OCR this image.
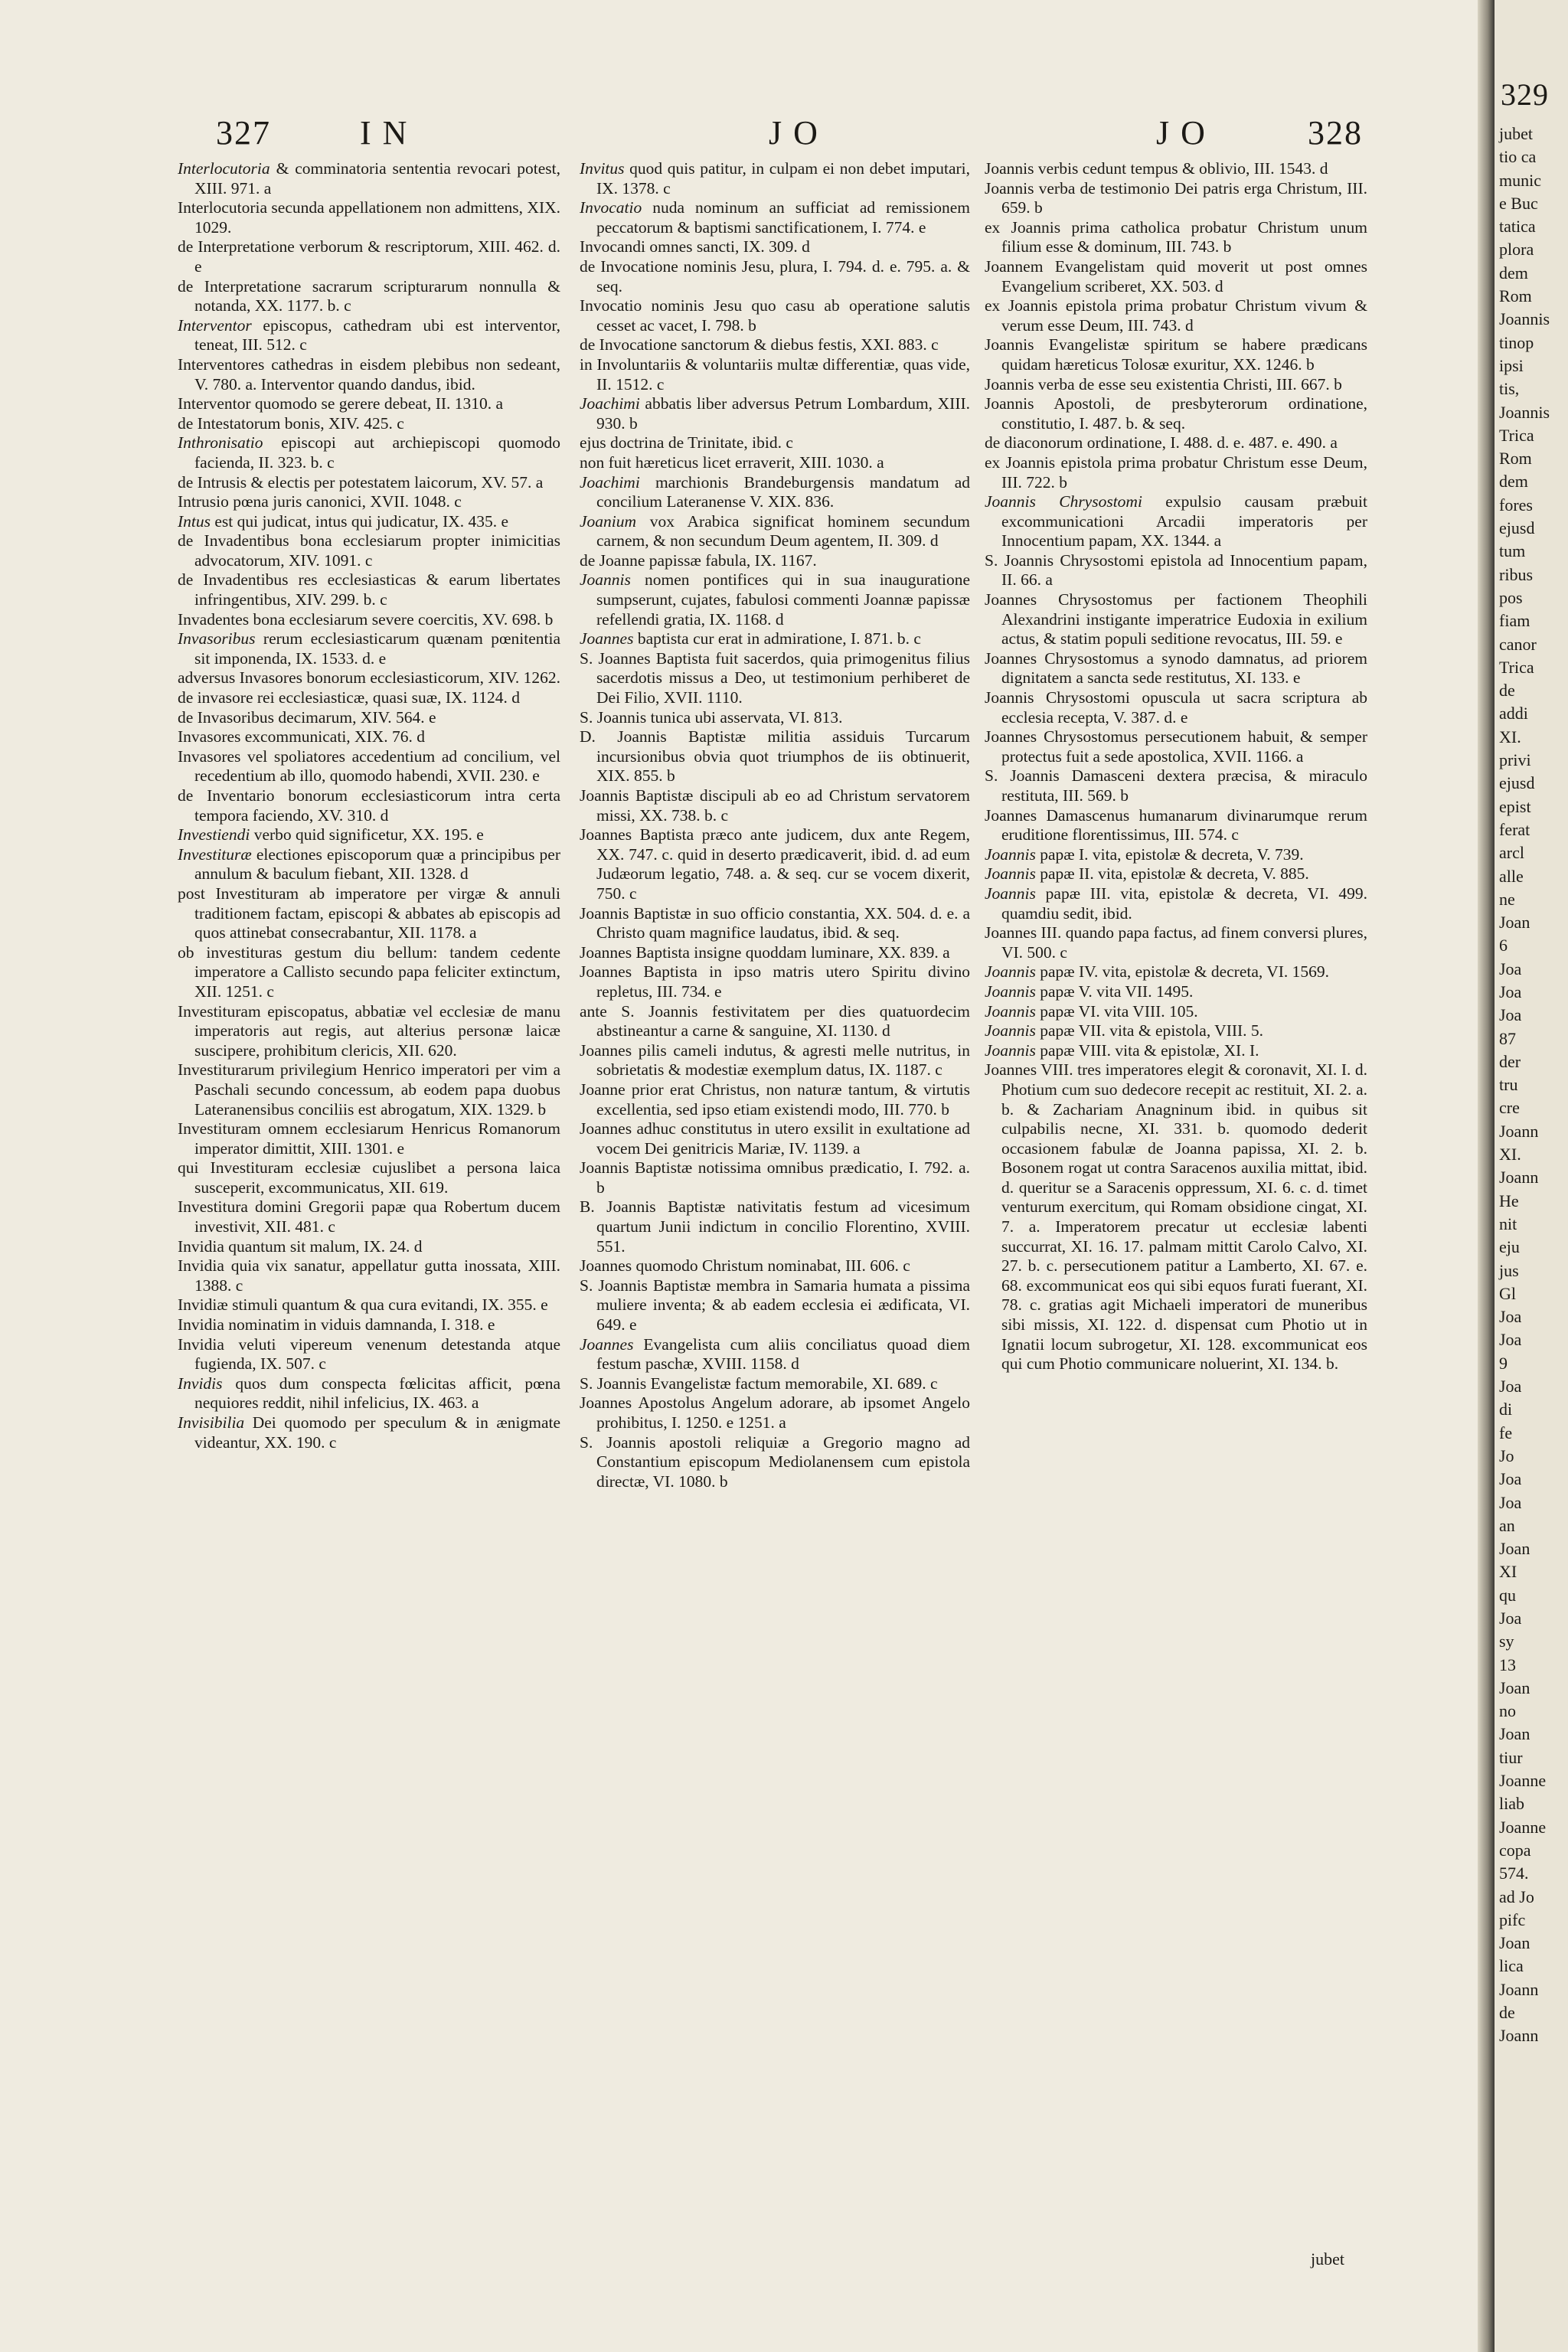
327	I N	J O	J O	328

Interlocutoria & comminatoria sententia revocari potest, XIII. 971. a

Interlocutoria secunda appellationem non admittens, XIX. 1029.

de Interpretatione verborum & rescriptorum, XIII. 462. d. e

de Interpretatione sacrarum scripturarum nonnulla & notanda, XX. 1177. b. c

Interventor episcopus, cathedram ubi est interventor, teneat, III. 512. c

Interventores cathedras in eisdem plebibus non sedeant, V. 780. a. Interventor quando dandus, ibid.

Interventor quomodo se gerere debeat, II. 1310. a

de Intestatorum bonis, XIV. 425. c

Inthronisatio episcopi aut archiepiscopi quomodo facienda, II. 323. b. c

de Intrusis & electis per potestatem laicorum, XV. 57. a

Intrusio pœna juris canonici, XVII. 1048. c

Intus est qui judicat, intus qui judicatur, IX. 435. e

de Invadentibus bona ecclesiarum propter inimicitias advocatorum, XIV. 1091. c

de Invadentibus res ecclesiasticas & earum libertates infringentibus, XIV. 299. b. c

Invadentes bona ecclesiarum severe coercitis, XV. 698. b

Invasoribus rerum ecclesiasticarum quænam pœnitentia sit imponenda, IX. 1533. d. e

adversus Invasores bonorum ecclesiasticorum, XIV. 1262.

de invasore rei ecclesiasticæ, quasi suæ, IX. 1124. d

de Invasoribus decimarum, XIV. 564. e

Invasores excommunicati, XIX. 76. d

Invasores vel spoliatores accedentium ad concilium, vel recedentium ab illo, quomodo habendi, XVII. 230. e

de Inventario bonorum ecclesiasticorum intra certa tempora faciendo, XV. 310. d

Investiendi verbo quid significetur, XX. 195. e

Investituræ electiones episcoporum quæ a principibus per annulum & baculum fiebant, XII. 1328. d

post Investituram ab imperatore per virgæ & annuli traditionem factam, episcopi & abbates ab episcopis ad quos attinebat consecrabantur, XII. 1178. a

ob investituras gestum diu bellum: tandem cedente imperatore a Callisto secundo papa feliciter extinctum, XII. 1251. c

Investituram episcopatus, abbatiæ vel ecclesiæ de manu imperatoris aut regis, aut alterius personæ laicæ suscipere, prohibitum clericis, XII. 620.

Investiturarum privilegium Henrico imperatori per vim a Paschali secundo concessum, ab eodem papa duobus Lateranensibus conciliis est abrogatum, XIX. 1329. b

Investituram omnem ecclesiarum Henricus Romanorum imperator dimittit, XIII. 1301. e

qui Investituram ecclesiæ cujuslibet a persona laica susceperit, excommunicatus, XII. 619.

Investitura domini Gregorii papæ qua Robertum ducem investivit, XII. 481. c

Invidia quantum sit malum, IX. 24. d

Invidia quia vix sanatur, appellatur gutta inossata, XIII. 1388. c

Invidiæ stimuli quantum & qua cura evitandi, IX. 355. e

Invidia nominatim in viduis damnanda, I. 318. e

Invidia veluti vipereum venenum detestanda atque fugienda, IX. 507. c

Invidis quos dum conspecta fœlicitas afficit, pœna nequiores reddit, nihil infelicius, IX. 463. a

Invisibilia Dei quomodo per speculum & in ænigmate videantur, XX. 190. c

Invitus quod quis patitur, in culpam ei non debet imputari, IX. 1378. c

Invocatio nuda nominum an sufficiat ad remissionem peccatorum & baptismi sanctificationem, I. 774. e

Invocandi omnes sancti, IX. 309. d

de Invocatione nominis Jesu, plura, I. 794. d. e. 795. a. & seq.

Invocatio nominis Jesu quo casu ab operatione salutis cesset ac vacet, I. 798. b

de Invocatione sanctorum & diebus festis, XXI. 883. c

in Involuntariis & voluntariis multæ differentiæ, quas vide, II. 1512. c

Joachimi abbatis liber adversus Petrum Lombardum, XIII. 930. b

ejus doctrina de Trinitate, ibid. c

non fuit hæreticus licet erraverit, XIII. 1030. a

Joachimi marchionis Brandeburgensis mandatum ad concilium Lateranense V. XIX. 836.

Joanium vox Arabica significat hominem secundum carnem, & non secundum Deum agentem, II. 309. d

de Joanne papissæ fabula, IX. 1167.

Joannis nomen pontifices qui in sua inauguratione sumpserunt, cujates, fabulosi commenti Joannæ papissæ refellendi gratia, IX. 1168. d

Joannes baptista cur erat in admiratione, I. 871. b. c

S. Joannes Baptista fuit sacerdos, quia primogenitus filius sacerdotis missus a Deo, ut testimonium perhiberet de Dei Filio, XVII. 1110.

S. Joannis tunica ubi asservata, VI. 813.

D. Joannis Baptistæ militia assiduis Turcarum incursionibus obvia quot triumphos de iis obtinuerit, XIX. 855. b

Joannis Baptistæ discipuli ab eo ad Christum servatorem missi, XX. 738. b. c

Joannes Baptista præco ante judicem, dux ante Regem, XX. 747. c. quid in deserto prædicaverit, ibid. d. ad eum Judæorum legatio, 748. a. & seq. cur se vocem dixerit, 750. c

Joannis Baptistæ in suo officio constantia, XX. 504. d. e. a Christo quam magnifice laudatus, ibid. & seq.

Joannes Baptista insigne quoddam luminare, XX. 839. a

Joannes Baptista in ipso matris utero Spiritu divino repletus, III. 734. e

ante S. Joannis festivitatem per dies quatuordecim abstineantur a carne & sanguine, XI. 1130. d

Joannes pilis cameli indutus, & agresti melle nutritus, in sobrietatis & modestiæ exemplum datus, IX. 1187. c

Joanne prior erat Christus, non naturæ tantum, & virtutis excellentia, sed ipso etiam existendi modo, III. 770. b

Joannes adhuc constitutus in utero exsilit in exultatione ad vocem Dei genitricis Mariæ, IV. 1139. a

Joannis Baptistæ notissima omnibus prædicatio, I. 792. a. b

B. Joannis Baptistæ nativitatis festum ad vicesimum quartum Junii indictum in concilio Florentino, XVIII. 551.

Joannes quomodo Christum nominabat, III. 606. c

S. Joannis Baptistæ membra in Samaria humata a pissima muliere inventa; & ab eadem ecclesia ei ædificata, VI. 649. e

Joannes Evangelista cum aliis conciliatus quoad diem festum paschæ, XVIII. 1158. d

S. Joannis Evangelistæ factum memorabile, XI. 689. c

Joannes Apostolus Angelum adorare, ab ipsomet Angelo prohibitus, I. 1250. e 1251. a

S. Joannis apostoli reliquiæ a Gregorio magno ad Constantium episcopum Mediolanensem cum epistola directæ, VI. 1080. b

Joannis verbis cedunt tempus & oblivio, III. 1543. d

Joannis verba de testimonio Dei patris erga Christum, III. 659. b

ex Joannis prima catholica probatur Christum unum filium esse & dominum, III. 743. b

Joannem Evangelistam quid moverit ut post omnes Evangelium scriberet, XX. 503. d

ex Joannis epistola prima probatur Christum vivum & verum esse Deum, III. 743. d

Joannis Evangelistæ spiritum se habere prædicans quidam hæreticus Tolosæ exuritur, XX. 1246. b

Joannis verba de esse seu existentia Christi, III. 667. b

Joannis Apostoli, de presbyterorum ordinatione, constitutio, I. 487. b. & seq.

de diaconorum ordinatione, I. 488. d. e. 487. e. 490. a

ex Joannis epistola prima probatur Christum esse Deum, III. 722. b

Joannis Chrysostomi expulsio causam præbuit excommunicationi Arcadii imperatoris per Innocentium papam, XX. 1344. a

S. Joannis Chrysostomi epistola ad Innocentium papam, II. 66. a

Joannes Chrysostomus per factionem Theophili Alexandrini instigante imperatrice Eudoxia in exilium actus, & statim populi seditione revocatus, III. 59. e

Joannes Chrysostomus a synodo damnatus, ad priorem dignitatem a sancta sede restitutus, XI. 133. e

Joannis Chrysostomi opuscula ut sacra scriptura ab ecclesia recepta, V. 387. d. e

Joannes Chrysostomus persecutionem habuit, & semper protectus fuit a sede apostolica, XVII. 1166. a

S. Joannis Damasceni dextera præcisa, & miraculo restituta, III. 569. b

Joannes Damascenus humanarum divinarumque rerum eruditione florentissimus, III. 574. c

Joannis papæ I. vita, epistolæ & decreta, V. 739.

Joannis papæ II. vita, epistolæ & decreta, V. 885.

Joannis papæ III. vita, epistolæ & decreta, VI. 499. quamdiu sedit, ibid.

Joannes III. quando papa factus, ad finem conversi plures, VI. 500. c

Joannis papæ IV. vita, epistolæ & decreta, VI. 1569.

Joannis papæ V. vita VII. 1495.

Joannis papæ VI. vita VIII. 105.

Joannis papæ VII. vita & epistola, VIII. 5.

Joannis papæ VIII. vita & epistolæ, XI. I.

Joannes VIII. tres imperatores elegit & coronavit, XI. I. d. Photium cum suo dedecore recepit ac restituit, XI. 2. a. b. & Zachariam Anagninum ibid. in quibus sit culpabilis necne, XI. 331. b. quomodo dederit occasionem fabulæ de Joanna papissa, XI. 2. b. Bosonem rogat ut contra Saracenos auxilia mittat, ibid. d. queritur se a Saracenis oppressum, XI. 6. c. d. timet venturum exercitum, qui Romam obsidione cingat, XI. 7. a. Imperatorem precatur ut ecclesiæ labenti succurrat, XI. 16. 17. palmam mittit Carolo Calvo, XI. 27. b. c. persecutionem patitur a Lamberto, XI. 67. e. 68. excommunicat eos qui sibi equos furati fuerant, XI. 78. c. gratias agit Michaeli imperatori de muneribus sibi missis, XI. 122. d. dispensat cum Photio ut in Ignatii locum subrogetur, XI. 128. excommunicat eos qui cum Photio communicare noluerint, XI. 134. b.

jubet
329
jubet
tio ca
munic
e Buc
tatica
plora
dem
Rom
Joannis
tinop
ipsi
tis,
Joannis
Trica
Rom
dem
fores
ejusd
tum
ribus
pos
fiam
canor
Trica
de
addi
XI.
privi
ejusd
epist
ferat
arcl
alle
ne
Joan
6
Joa
Joa
Joa
87
der
tru
cre
Joann
XI.
Joann
He
nit
eju
jus
Gl
Joa
Joa
9
Joa
di
fe
Jo
Joa
Joa
an
Joan
XI
qu
Joa
sy
13
Joan
no
Joan
tiur
Joanne
liab
Joanne
copa
574.
ad Jo
pifc
Joan
lica
Joann
de
Joann
